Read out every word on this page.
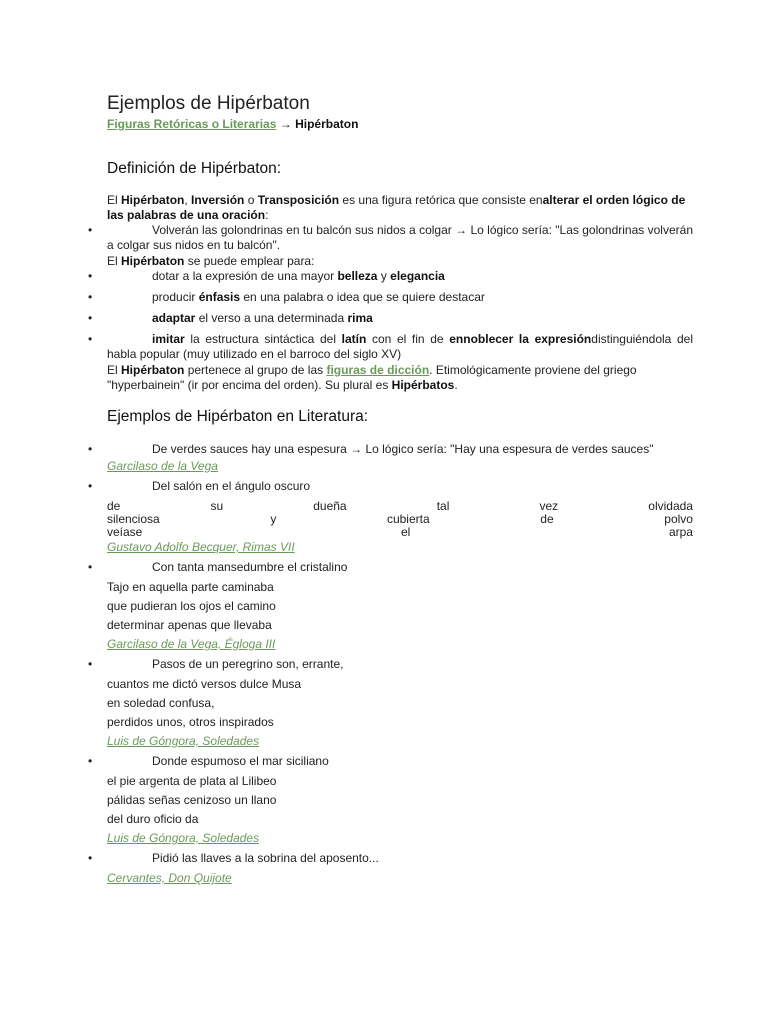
Ejemplos de Hipérbaton
Figuras Retóricas o Literarias → Hipérbaton
Definición de Hipérbaton:

El Hipérbaton, Inversión o Transposición es una figura retórica que consiste enalterar el orden lógico de las palabras de una oración:

• Volverán las golondrinas en tu balcón sus nidos a colgar → Lo lógico sería: "Las golondrinas volverán a colgar sus nidos en tu balcón".

El Hipérbaton se puede emplear para:

• dotar a la expresión de una mayor belleza y elegancia
• producir énfasis en una palabra o idea que se quiere destacar
• adaptar el verso a una determinada rima
• imitar la estructura sintáctica del latín con el fin de ennoblecer la expresióndistinguiéndola del habla popular (muy utilizado en el barroco del siglo XV)

El Hipérbaton pertenece al grupo de las figuras de dicción. Etimológicamente proviene del griego "hyperbainein" (ir por encima del orden). Su plural es Hipérbatos.

Ejemplos de Hipérbaton en Literatura:
• De verdes sauces hay una espesura → Lo lógico sería: "Hay una espesura de verdes sauces"
Garcilaso de la Vega
• Del salón en el ángulo oscuro
de	su	dueña	tal	vez	olvidada
silenciosa	y	cubierta	de	polvo
veíase	el	arpa
Gustavo Adolfo Becquer, Rimas VII
• Con tanta mansedumbre el cristalino
Tajo en aquella parte caminaba
que pudieran los ojos el camino
determinar apenas que llevaba
Garcilaso de la Vega, Égloga III
• Pasos de un peregrino son, errante,
cuantos me dictó versos dulce Musa
en soledad confusa,
perdidos unos, otros inspirados
Luis de Góngora, Soledades
• Donde espumoso el mar siciliano
el pie argenta de plata al Lilibeo
pálidas señas cenizoso un llano
del duro oficio da
Luis de Góngora, Soledades
• Pidió las llaves a la sobrina del aposento...
Cervantes, Don Quijote
